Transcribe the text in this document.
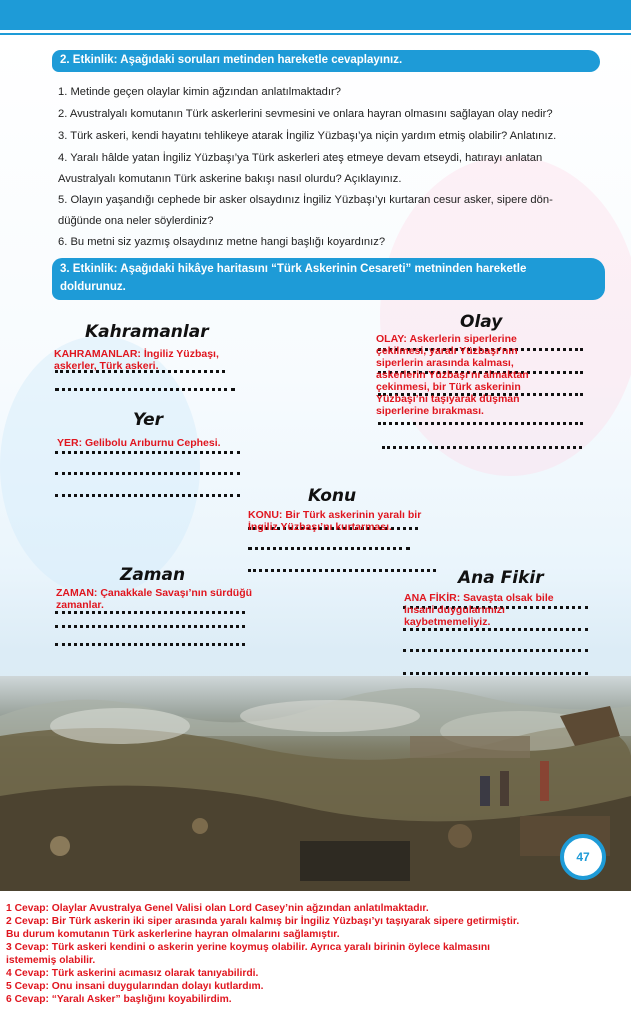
2. Etkinlik: Aşağıdaki soruları metinden hareketle cevaplayınız.
1. Metinde geçen olaylar kimin ağzından anlatılmaktadır?
2. Avustralyalı komutanın Türk askerlerini sevmesini ve onlara hayran olmasını sağlayan olay nedir?
3. Türk askeri, kendi hayatını tehlikeye atarak İngiliz Yüzbaşı’ya niçin yardım etmiş olabilir? Anlatınız.
4. Yaralı hâlde yatan İngiliz Yüzbaşı’ya Türk askerleri ateş etmeye devam etseydi, hatırayı anlatan
Avustralyalı komutanın Türk askerine bakışı nasıl olurdu? Açıklayınız.
5. Olayın yaşandığı cephede bir asker olsaydınız İngiliz Yüzbaşı’yı kurtaran cesur asker, sipere dön-
düğünde ona neler söylerdiniz?
6. Bu metni siz yazmış olsaydınız metne hangi başlığı koyardınız?
3. Etkinlik: Aşağıdaki hikâye haritasını “Türk Askerinin Cesareti” metninden hareketle
doldurunuz.
Kahramanlar
KAHRAMANLAR: İngiliz Yüzbaşı, askerler, Türk askeri.
Yer
YER: Gelibolu Arıburnu Cephesi.
Olay
OLAY: Askerlerin siperlerine çekilmesi, yaralı Yüzbaşı’nın siperlerin arasında kalması, askerlerin Yüzbaşı’nı almaktan çekinmesi, bir Türk askerinin Yüzbaşı’nı taşıyarak düşman siperlerine bırakması.
Konu
KONU: Bir Türk askerinin yaralı bir İngiliz Yüzbaşı’nı kurtarması.
Zaman
ZAMAN: Çanakkale Savaşı’nın sürdüğü zamanlar.
Ana Fikir
ANA FİKİR: Savaşta olsak bile insani duygularımızı kaybetmemeliyiz.
47
1 Cevap: Olaylar Avustralya Genel Valisi olan Lord Casey’nin ağzından anlatılmaktadır.
2 Cevap: Bir Türk askerin iki siper arasında yaralı kalmış bir İngiliz Yüzbaşı’yı taşıyarak sipere getirmiştir.
Bu durum komutanın Türk askerlerine hayran olmalarını sağlamıştır.
3 Cevap: Türk askeri kendini o askerin yerine koymuş olabilir. Ayrıca yaralı birinin öylece kalmasını
istememiş olabilir.
4 Cevap: Türk askerini acımasız olarak tanıyabilirdi.
5 Cevap: Onu insani duygularından dolayı kutlardım.
6 Cevap: “Yaralı Asker” başlığını koyabilirdim.
